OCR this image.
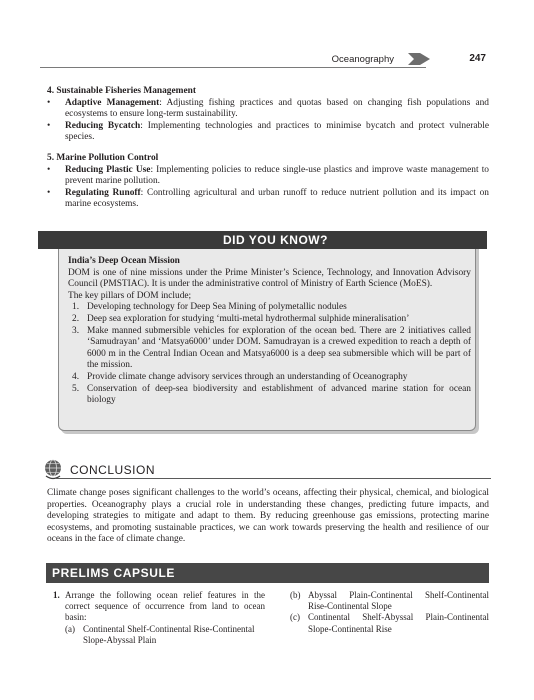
Oceanography	247
4. Sustainable Fisheries Management
• Adaptive Management: Adjusting fishing practices and quotas based on changing fish populations and ecosystems to ensure long-term sustainability.
• Reducing Bycatch: Implementing technologies and practices to minimise bycatch and protect vulnerable species.
5. Marine Pollution Control
• Reducing Plastic Use: Implementing policies to reduce single-use plastics and improve waste management to prevent marine pollution.
• Regulating Runoff: Controlling agricultural and urban runoff to reduce nutrient pollution and its impact on marine ecosystems.
DID YOU KNOW?
India’s Deep Ocean Mission
DOM is one of nine missions under the Prime Minister’s Science, Technology, and Innovation Advisory Council (PMSTIAC). It is under the administrative control of Ministry of Earth Science (MoES).
The key pillars of DOM include;
1. Developing technology for Deep Sea Mining of polymetallic nodules
2. Deep sea exploration for studying ‘multi-metal hydrothermal sulphide mineralisation’
3. Make manned submersible vehicles for exploration of the ocean bed. There are 2 initiatives called ‘Samudrayan’ and ‘Matsya6000’ under DOM. Samudrayan is a crewed expedition to reach a depth of 6000 m in the Central Indian Ocean and Matsya6000 is a deep sea submersible which will be part of the mission.
4. Provide climate change advisory services through an understanding of Oceanography
5. Conservation of deep-sea biodiversity and establishment of advanced marine station for ocean biology
CONCLUSION
Climate change poses significant challenges to the world’s oceans, affecting their physical, chemical, and biological properties. Oceanography plays a crucial role in understanding these changes, predicting future impacts, and developing strategies to mitigate and adapt to them. By reducing greenhouse gas emissions, protecting marine ecosystems, and promoting sustainable practices, we can work towards preserving the health and resilience of our oceans in the face of climate change.
PRELIMS CAPSULE
1. Arrange the following ocean relief features in the correct sequence of occurrence from land to ocean basin:
(a) Continental Shelf-Continental Rise-Continental Slope-Abyssal Plain
(b) Abyssal Plain-Continental Shelf-Continental Rise-Continental Slope
(c) Continental Shelf-Abyssal Plain-Continental Slope-Continental Rise
